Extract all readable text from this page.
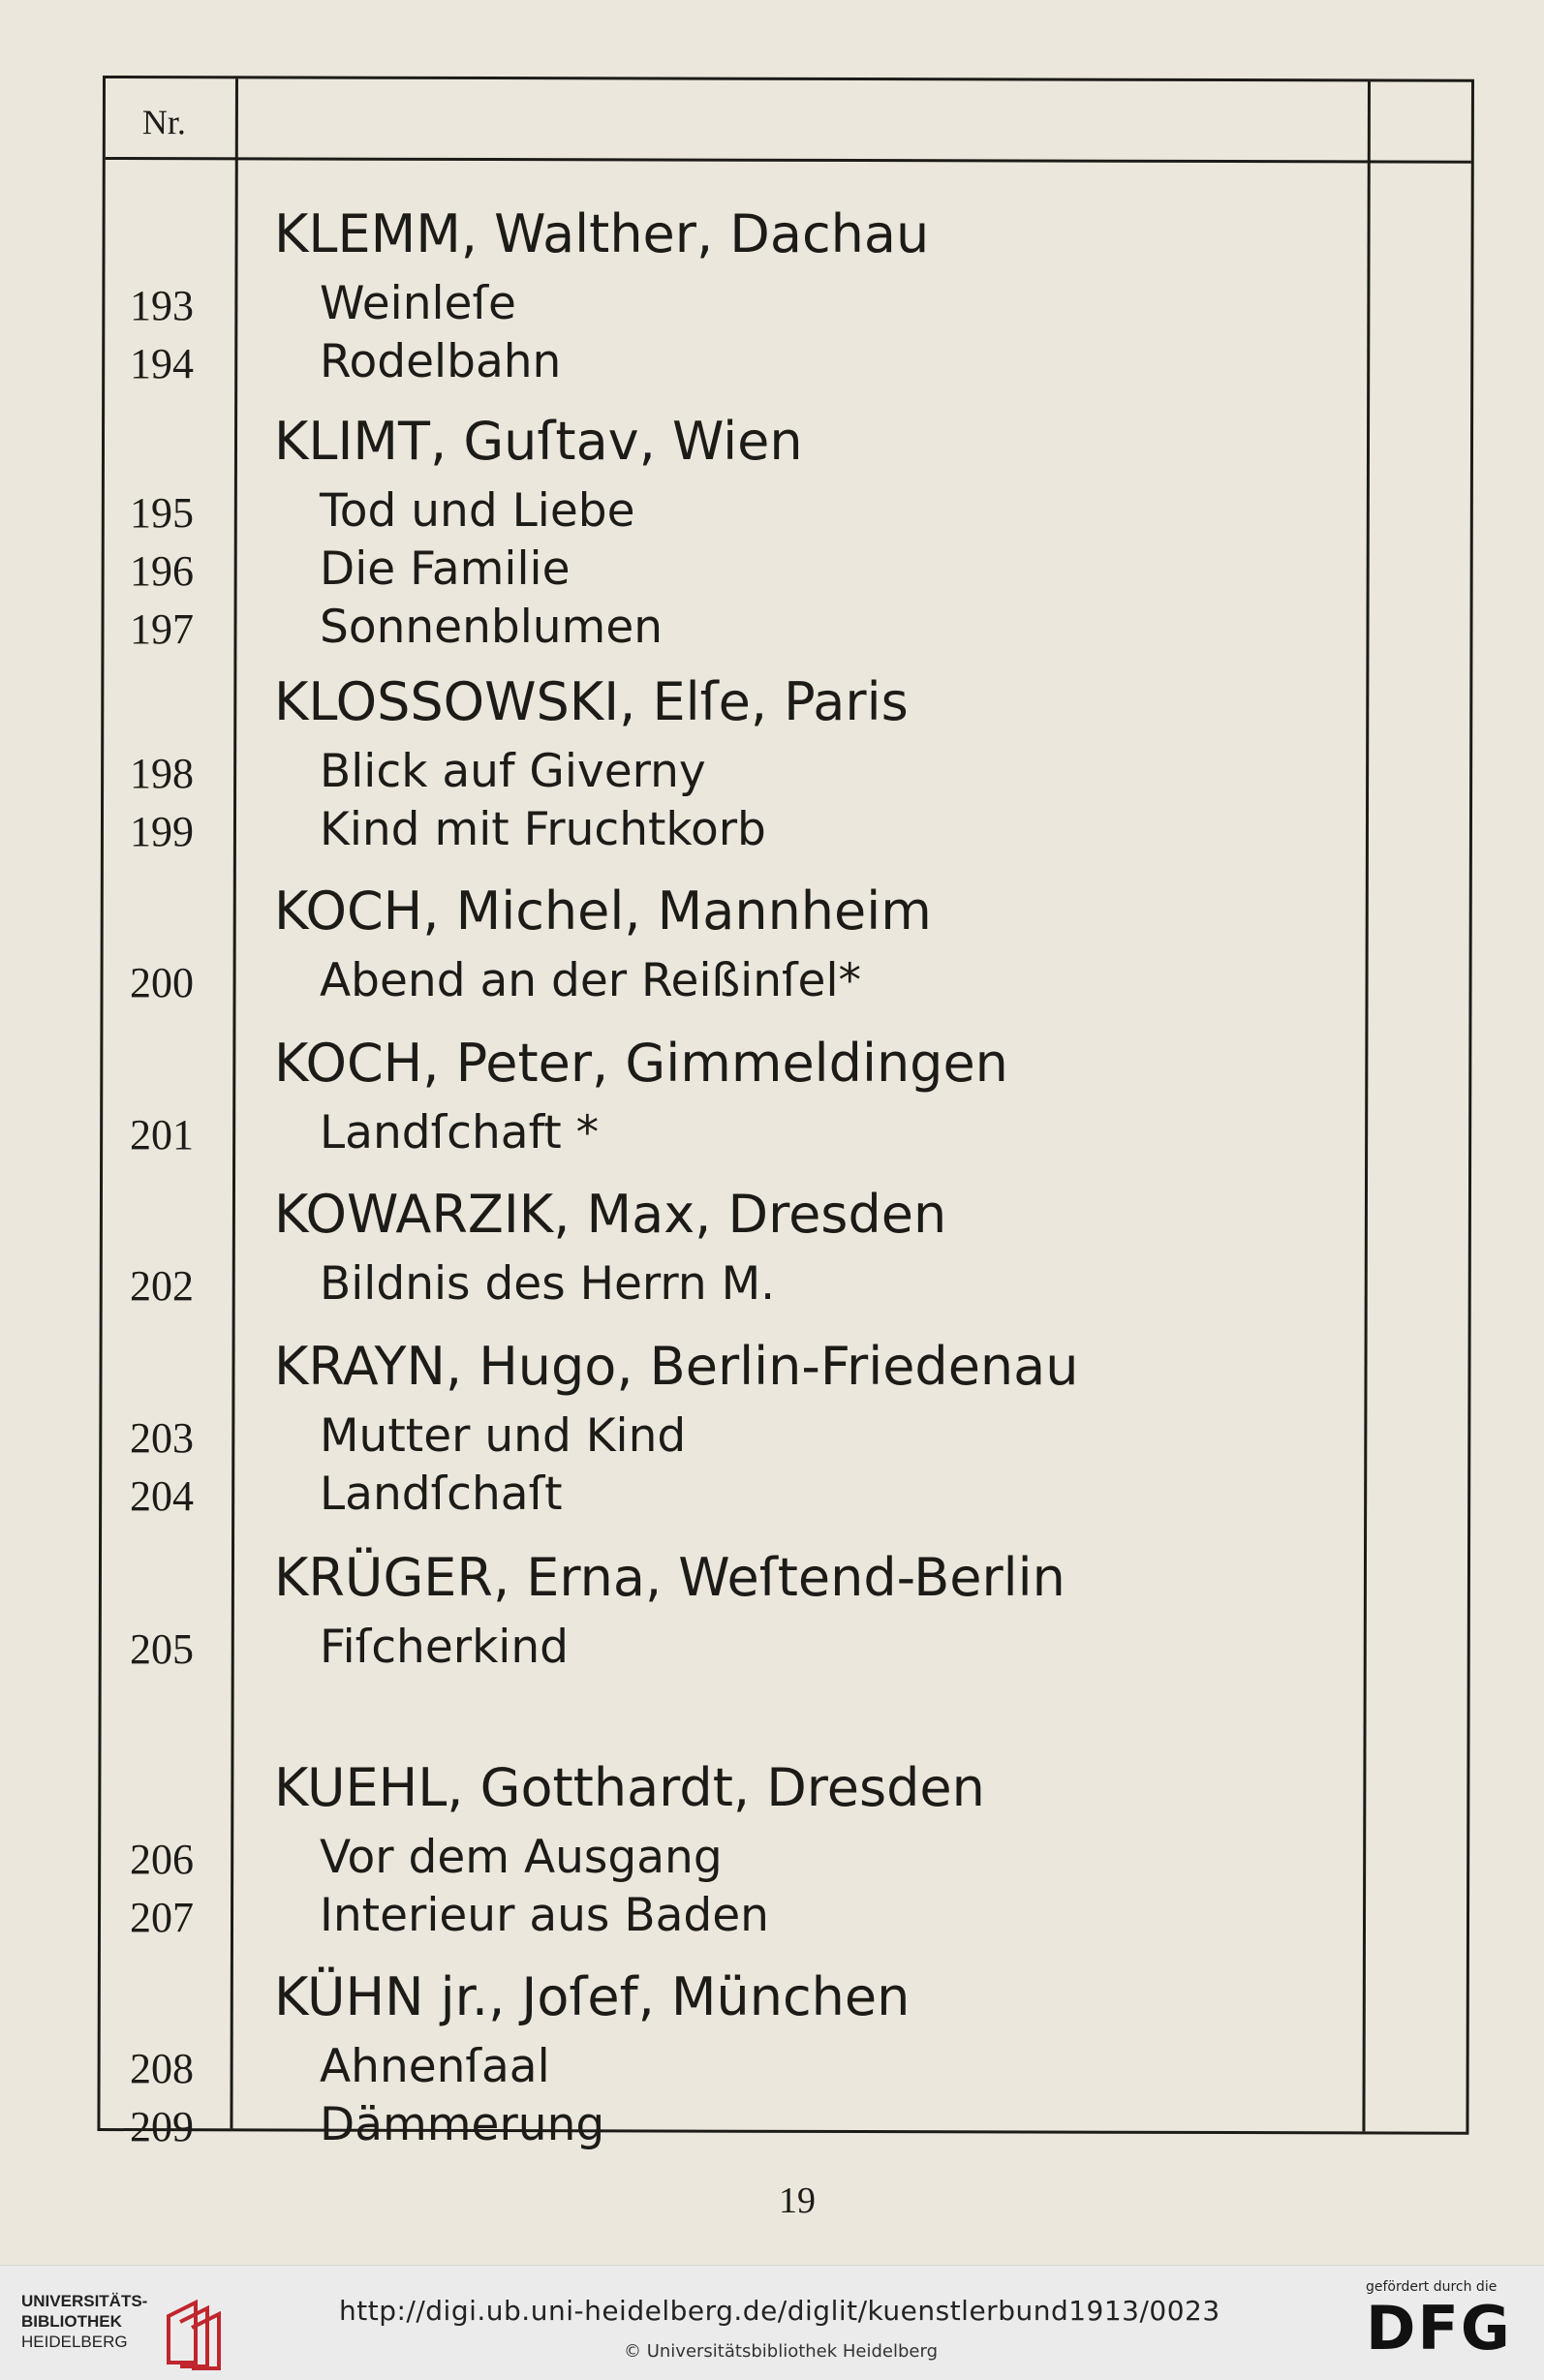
Nr.
KLEMM, Walther, Dachau
193	Weinleſe
194	Rodelbahn
KLIMT, Guſtav, Wien
195	Tod und Liebe
196	Die Familie
197	Sonnenblumen
KLOSSOWSKI, Elſe, Paris
198	Blick auf Giverny
199	Kind mit Fruchtkorb
KOCH, Michel, Mannheim
200	Abend an der Reißinſel*
KOCH, Peter, Gimmeldingen
201	Landſchaft *
KOWARZIK, Max, Dresden
202	Bildnis des Herrn M.
KRAYN, Hugo, Berlin-Friedenau
203	Mutter und Kind
204	Landſchaſt
KRÜGER, Erna, Weſtend-Berlin
205	Fiſcherkind
KUEHL, Gotthardt, Dresden
206	Vor dem Ausgang
207	Interieur aus Baden
KÜHN jr., Joſef, München
208	Ahnenſaal
209	Dämmerung
19
UNIVERSITÄTS-
BIBLIOTHEK
HEIDELBERG
http://digi.ub.uni-heidelberg.de/diglit/kuenstlerbund1913/0023
© Universitätsbibliothek Heidelberg
gefördert durch die
DFG
